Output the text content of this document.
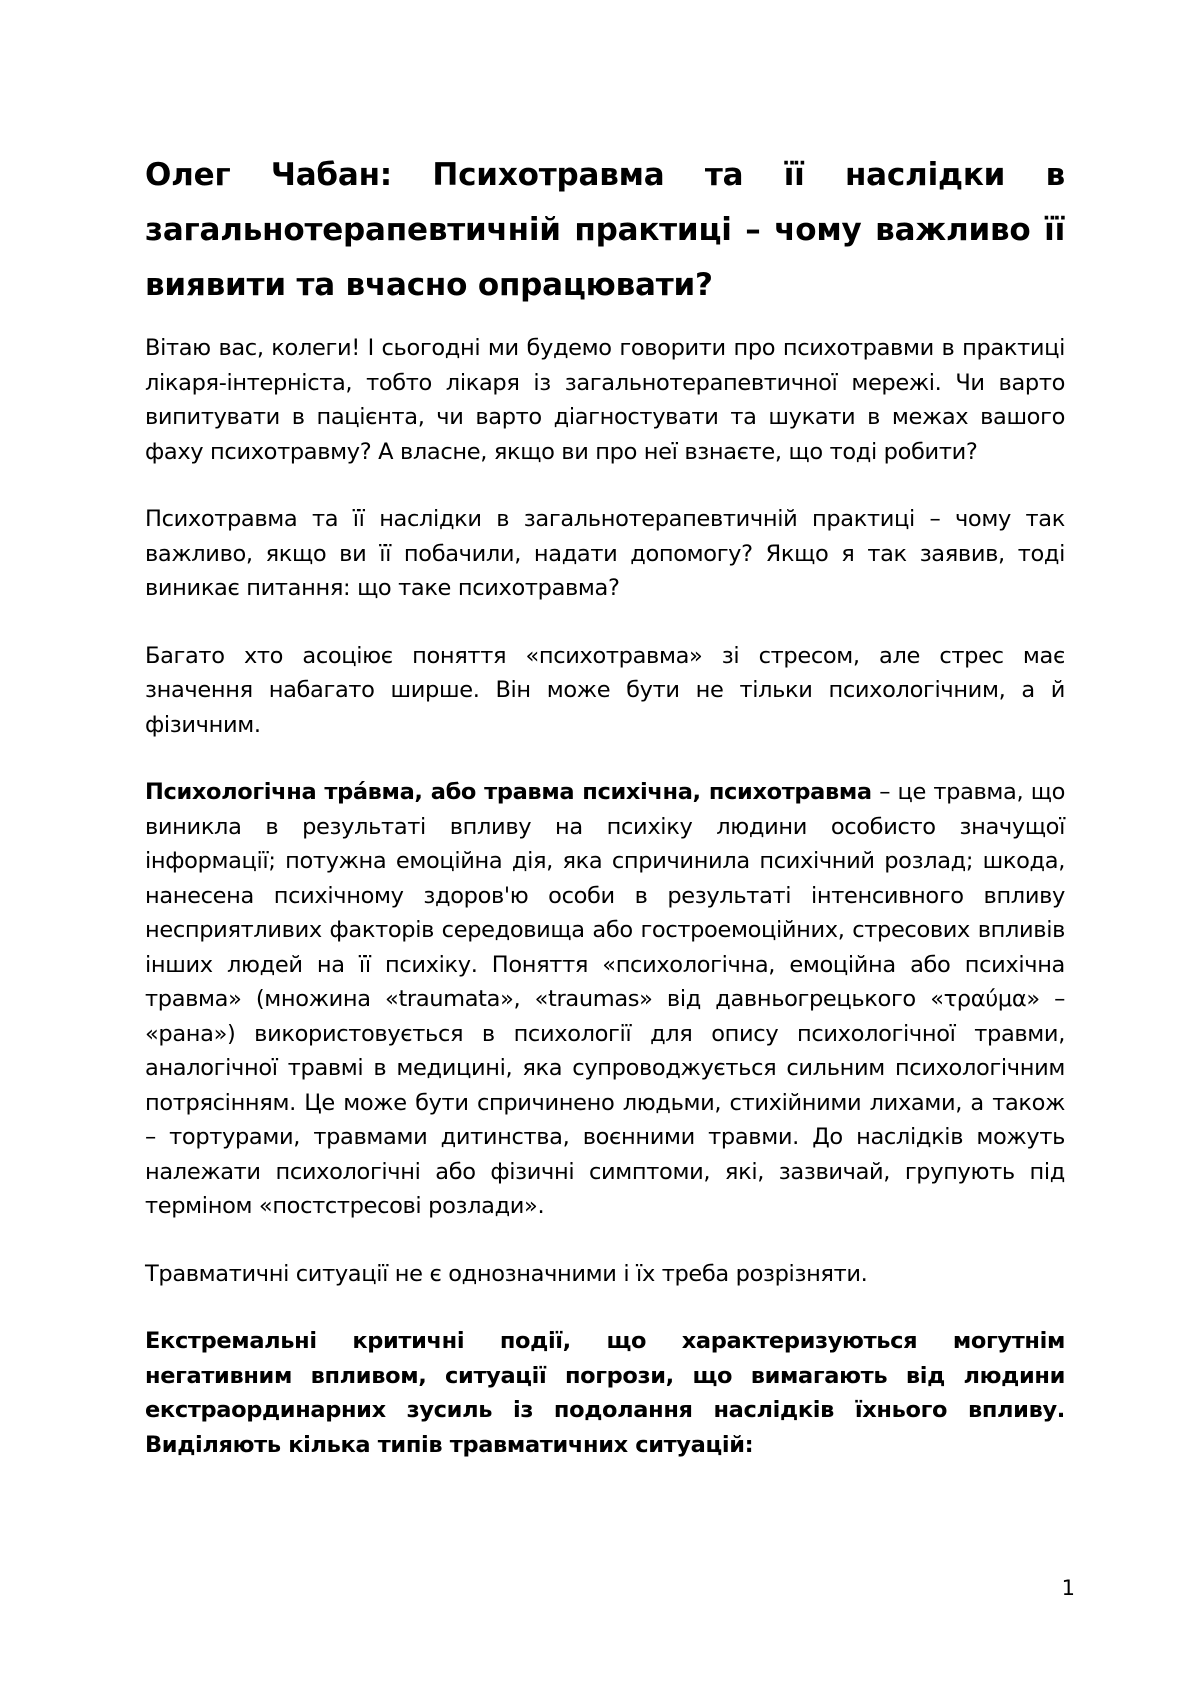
Олег Чабан: Психотравма та її наслідки в загальнотерапевтичній практиці – чому важливо її виявити та вчасно опрацювати?

Вітаю вас, колеги! І сьогодні ми будемо говорити про психотравми в практиці лікаря-інтерніста, тобто лікаря із загальнотерапевтичної мережі. Чи варто випитувати в пацієнта, чи варто діагностувати та шукати в межах вашого фаху психотравму? А власне, якщо ви про неї взнаєте, що тоді робити?

Психотравма та її наслідки в загальнотерапевтичній практиці – чому так важливо, якщо ви її побачили, надати допомогу? Якщо я так заявив, тоді виникає питання: що таке психотравма?

Багато хто асоціює поняття «психотравма» зі стресом, але стрес має значення набагато ширше. Він може бути не тільки психологічним, а й фізичним.

Психологічна тра́вма, або травма психічна, психотравма – це травма, що виникла в результаті впливу на психіку людини особисто значущої інформації; потужна емоційна дія, яка спричинила психічний розлад; шкода, нанесена психічному здоров'ю особи в результаті інтенсивного впливу несприятливих факторів середовища або гостроемоційних, стресових впливів інших людей на її психіку. Поняття «психологічна, емоційна або психічна травма» (множина «traumata», «traumas» від давньогрецького «τραύμα» – «рана») використовується в психології для опису психологічної травми, аналогічної травмі в медицині, яка супроводжується сильним психологічним потрясінням. Це може бути спричинено людьми, стихійними лихами, а також – тортурами, травмами дитинства, воєнними травми. До наслідків можуть належати психологічні або фізичні симптоми, які, зазвичай, групують під терміном «постстресові розлади».

Травматичні ситуації не є однозначними і їх треба розрізняти.

Екстремальні критичні події, що характеризуються могутнім негативним впливом, ситуації погрози, що вимагають від людини екстраординарних зусиль із подолання наслідків їхнього впливу. Виділяють кілька типів травматичних ситуацій:

1
